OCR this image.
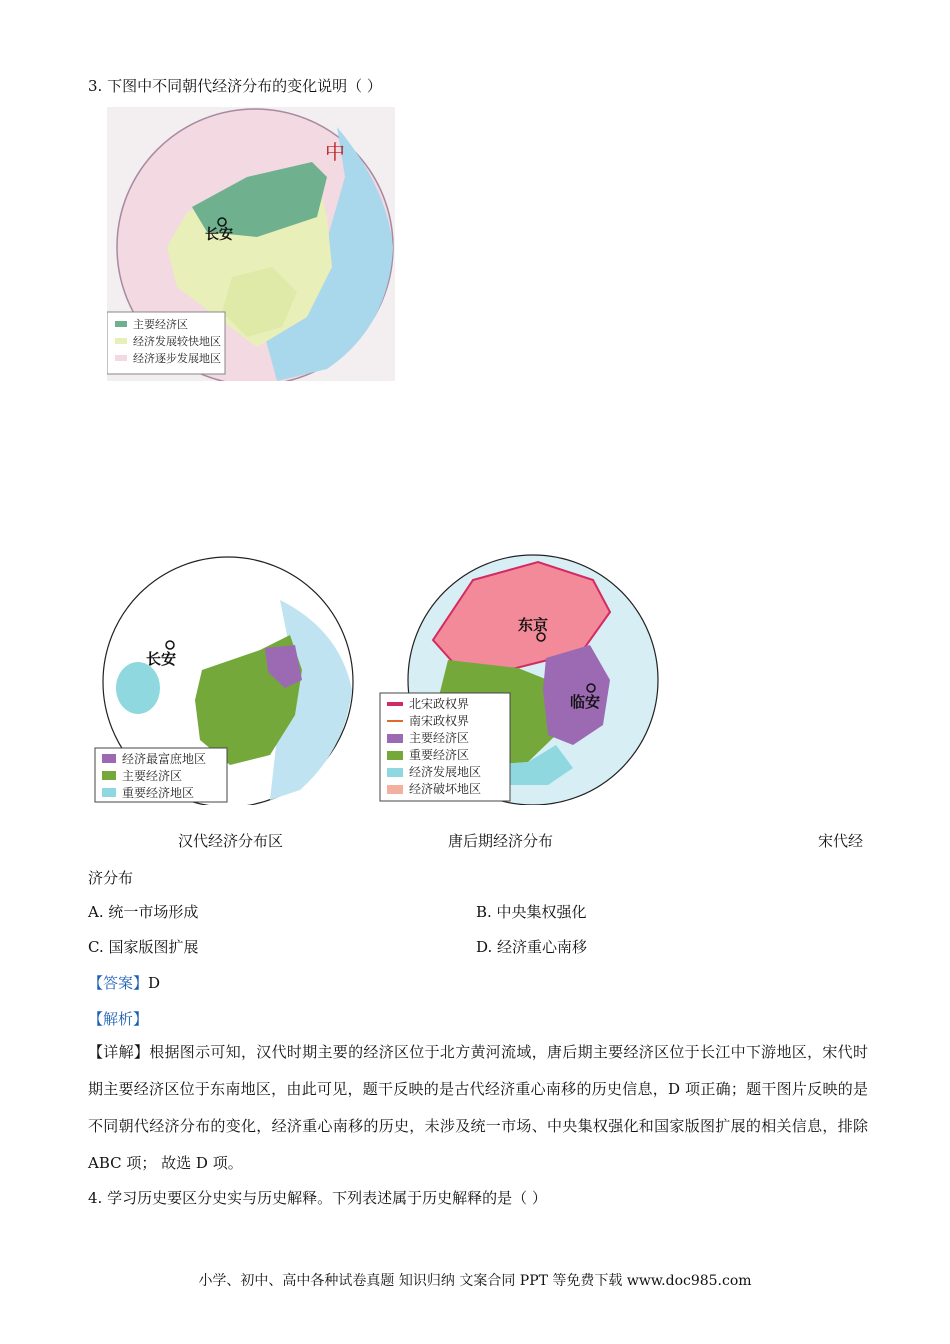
3. 下图中不同朝代经济分布的变化说明（ ）
中
长安
主要经济区
经济发展较快地区
经济逐步发展地区
长安
经济最富庶地区
主要经济区
重要经济地区
东京
临安
北宋政权界
南宋政权界
主要经济区
重要经济区
经济发展地区
经济破坏地区
汉代经济分布区	唐后期经济分布	宋代经
济分布
A. 统一市场形成	B. 中央集权强化
C. 国家版图扩展	D. 经济重心南移
【答案】D
【解析】
【详解】根据图示可知，汉代时期主要的经济区位于北方黄河流域，唐后期主要经济区位于长江中下游地区，宋代时期主要经济区位于东南地区，由此可见，题干反映的是古代经济重心南移的历史信息，D 项正确；题干图片反映的是不同朝代经济分布的变化，经济重心南移的历史，未涉及统一市场、中央集权强化和国家版图扩展的相关信息，排除 ABC 项； 故选 D 项。
4. 学习历史要区分史实与历史解释。下列表述属于历史解释的是（ ）
小学、初中、高中各种试卷真题 知识归纳 文案合同 PPT 等免费下载 www.doc985.com
